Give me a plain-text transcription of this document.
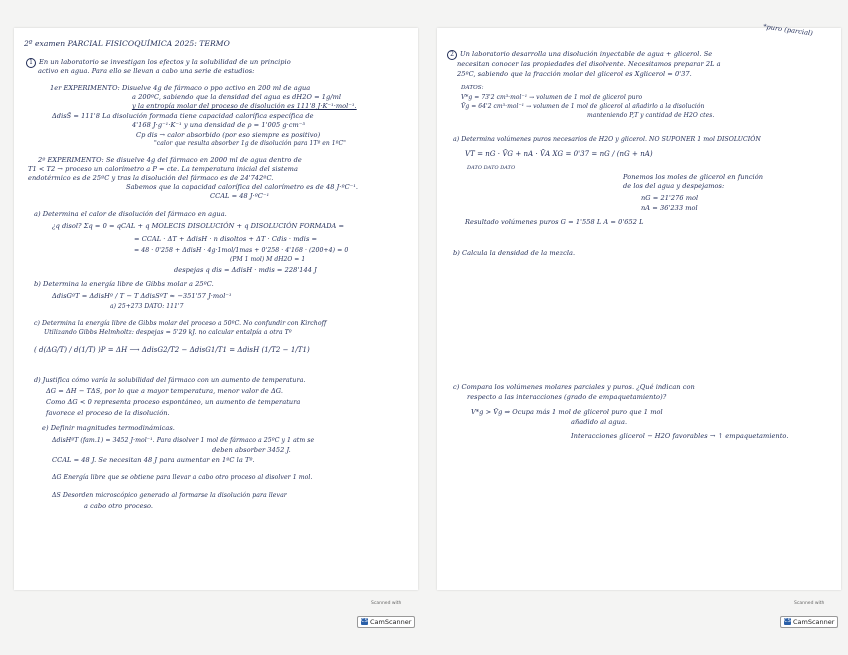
2º examen PARCIAL FISICOQUÍMICA 2025: TERMO
1 En un laboratorio se investigan los efectos y la solubilidad de un principio
activo en agua. Para ello se llevan a cabo una serie de estudios:
1er EXPERIMENTO: Disuelve 4g de fármaco o ppo activo en 200 ml de agua
a 200ºC, sabiendo que la densidad del agua es dH2O = 1g/ml
y la entropía molar del proceso de disolución es 111'8 J·K⁻¹·mol⁻¹.
ΔdisS̄ = 111'8 La disolución formada tiene capacidad calorífica específica de
4'168 J·g⁻¹·K⁻¹ y una densidad de ρ = 1'005 g·cm⁻³
Cp dis → calor absorbido (por eso siempre es positivo)
"calor que resulta absorber 1g de disolución para 1Tº en 1ºC"
2º EXPERIMENTO: Se disuelve 4g del fármaco en 2000 ml de agua dentro de
T1 < T2 → proceso un calorímetro a P = cte. La temperatura inicial del sistema
endotérmico es de 25ºC y tras la disolución del fármaco es de 24'742ºC.
Sabemos que la capacidad calorífica del calorímetro es de 48 J·ºC⁻¹.
CCAL = 48 J·ºC⁻¹
a) Determina el calor de disolución del fármaco en agua.
¿q disol? Σq = 0 = qCAL + q MOLECIS DISOLUCIÓN + q DISOLUCIÓN FORMADA =
= CCAL · ΔT + ΔdisH · n disoltos + ΔT · Cdis · mdis =
= 48 · 0'258 + ΔdisH · 4g·1mol/1mas + 0'258 · 4'168 · (200+4) = 0
(PM 1 mol) M dH2O = 1
despejas q dis = ΔdisH · mdis = 228'144 J
b) Determina la energía libre de Gibbs molar a 25ºC.
ΔdisGºT = ΔdisHº / T − T ΔdisSºT ≈ −351'57 J·mol⁻¹
a) 25+273 DATO: 111'7
c) Determina la energía libre de Gibbs molar del proceso a 50ºC. No confundir con Kirchoff
Utilizando Gibbs Helmholtz: despejas = 5'29 kJ. no calcular entalpía a otra Tº
( d(ΔG/T) / d(1/T) )P = ΔH ⟶ ΔdisG2/T2 − ΔdisG1/T1 = ΔdisH (1/T2 − 1/T1)
d) Justifica cómo varía la solubilidad del fármaco con un aumento de temperatura.
ΔG = ΔH − TΔS, por lo que a mayor temperatura, menor valor de ΔG.
Como ΔG < 0 representa proceso espontáneo, un aumento de temperatura
favorece el proceso de la disolución.
e) Definir magnitudes termodinámicas.
ΔdisHºT (fam.1) = 3452 J·mol⁻¹. Para disolver 1 mol de fármaco a 25ºC y 1 atm se
deben absorber 3452 J.
CCAL = 48 J. Se necesitan 48 J para aumentar en 1ºC la Tº.
ΔG Energía libre que se obtiene para llevar a cabo otro proceso al disolver 1 mol.
ΔS Desorden microscópico generado al formarse la disolución para llevar
a cabo otro proceso.
Scanned with
CS CamScanner
*puro (parcial)
2 Un laboratorio desarrolla una disolución inyectable de agua + glicerol. Se
necesitan conocer las propiedades del disolvente. Necesitamos preparar 2L a
25ºC, sabiendo que la fracción molar del glicerol es Xglicerol = 0'37.
DATOS:
V*g = 73'2 cm³·mol⁻¹ → volumen de 1 mol de glicerol puro
V̄g = 64'2 cm³·mol⁻¹ → volumen de 1 mol de glicerol al añadirlo a la disolución
manteniendo P,T y cantidad de H2O ctes.
a) Determina volúmenes puros necesarios de H2O y glicerol. NO SUPONER 1 mol DISOLUCIÓN
VT = nG · V̄G + nA · V̄A XG = 0'37 = nG / (nG + nA)
DATO DATO DATO
Ponemos los moles de glicerol en función
de los del agua y despejamos:
nG = 21'276 mol
nA = 36'233 mol
Resultado volúmenes puros G = 1'558 L A = 0'652 L
b) Calcula la densidad de la mezcla.
c) Compara los volúmenes molares parciales y puros. ¿Qué indican con
respecto a las interacciones (grado de empaquetamiento)?
V*g > V̄g ⇒ Ocupa más 1 mol de glicerol puro que 1 mol
añadido al agua.
Interacciones glicerol − H2O favorables → ↑ empaquetamiento.
Scanned with
CS CamScanner
